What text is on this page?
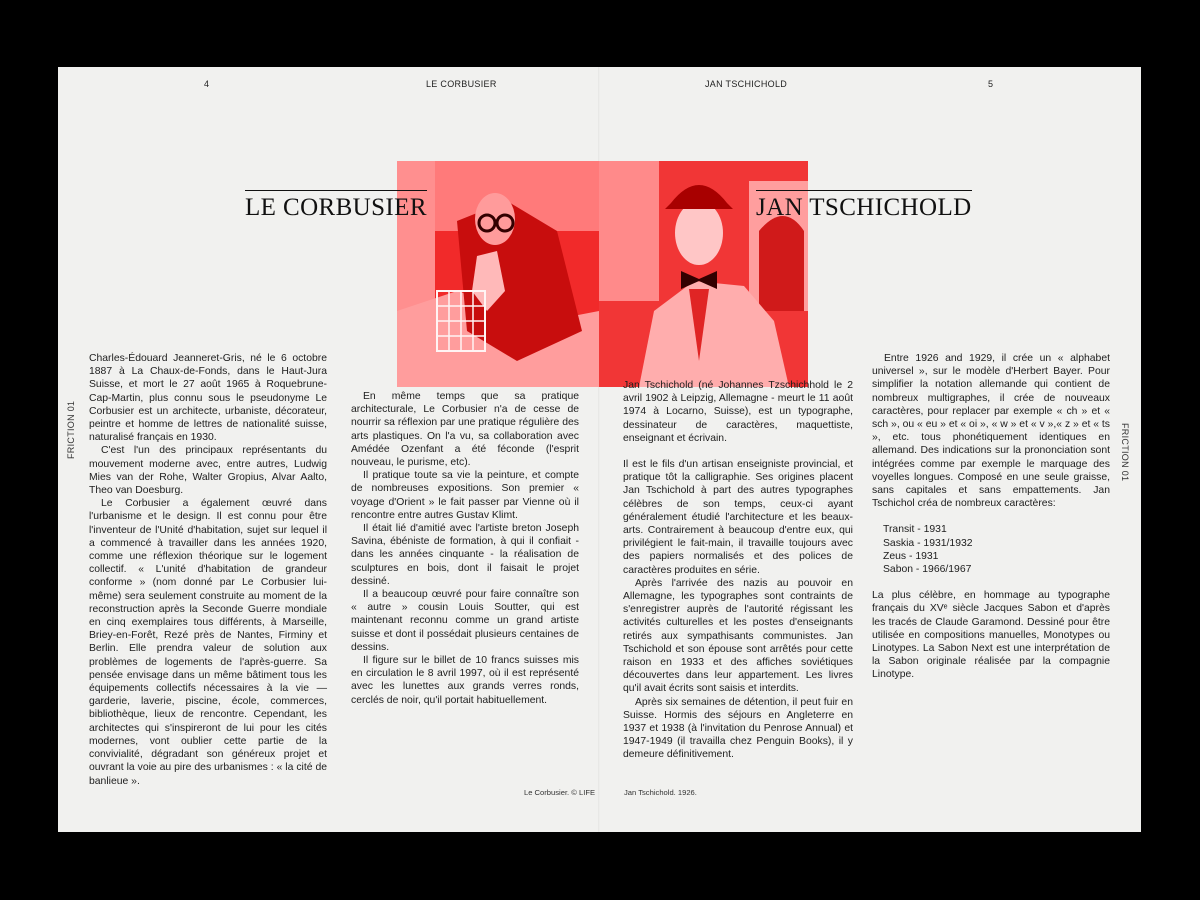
4	LE CORBUSIER	JAN TSCHICHOLD	5
FRICTION 01	FRICTION 01
LE CORBUSIER	JAN TSCHICHOLD

Charles-Édouard Jeanneret-Gris, né le 6 octobre 1887 à La Chaux-de-Fonds, dans le Haut-Jura Suisse, et mort le 27 août 1965 à Roquebrune-Cap-Martin, plus connu sous le pseudonyme Le Corbusier est un architecte, urbaniste, décorateur, peintre et homme de lettres de nationalité suisse, naturalisé français en 1930.

C'est l'un des principaux représentants du mouvement moderne avec, entre autres, Ludwig Mies van der Rohe, Walter Gropius, Alvar Aalto, Theo van Doesburg.

Le Corbusier a également œuvré dans l'urbanisme et le design. Il est connu pour être l'inventeur de l'Unité d'habitation, sujet sur lequel il a commencé à travailler dans les années 1920, comme une réflexion théorique sur le logement collectif. « L'unité d'habitation de grandeur conforme » (nom donné par Le Corbusier lui-même) sera seulement construite au moment de la reconstruction après la Seconde Guerre mondiale en cinq exemplaires tous différents, à Marseille, Briey-en-Forêt, Rezé près de Nantes, Firminy et Berlin. Elle prendra valeur de solution aux problèmes de logements de l'après-guerre. Sa pensée envisage dans un même bâtiment tous les équipements collectifs nécessaires à la vie — garderie, laverie, piscine, école, commerces, bibliothèque, lieux de rencontre. Cependant, les architectes qui s'inspireront de lui pour les cités modernes, vont oublier cette partie de la convivialité, dégradant son généreux projet et ouvrant la voie au pire des urbanismes : « la cité de banlieue ».

En même temps que sa pratique architecturale, Le Corbusier n'a de cesse de nourrir sa réflexion par une pratique régulière des arts plastiques. On l'a vu, sa collaboration avec Amédée Ozenfant a été féconde (l'esprit nouveau, le purisme, etc).

Il pratique toute sa vie la peinture, et compte de nombreuses expositions. Son premier « voyage d'Orient » le fait passer par Vienne où il rencontre entre autres Gustav Klimt.

Il était lié d'amitié avec l'artiste breton Joseph Savina, ébéniste de formation, à qui il confiait - dans les années cinquante - la réalisation de sculptures en bois, dont il faisait le projet dessiné.

Il a beaucoup œuvré pour faire connaître son « autre » cousin Louis Soutter, qui est maintenant reconnu comme un grand artiste suisse et dont il possédait plusieurs centaines de dessins.

Il figure sur le billet de 10 francs suisses mis en circulation le 8 avril 1997, où il est représenté avec les lunettes aux grands verres ronds, cerclés de noir, qu'il portait habituellement.

Jan Tschichold (né Johannes Tzschichhold le 2 avril 1902 à Leipzig, Allemagne - meurt le 11 août 1974 à Locarno, Suisse), est un typographe, dessinateur de caractères, maquettiste, enseignant et écrivain.

Il est le fils d'un artisan enseigniste provincial, et pratique tôt la calligraphie. Ses origines placent Jan Tschichold à part des autres typographes célèbres de son temps, ceux-ci ayant généralement étudié l'architecture et les beaux-arts. Contrairement à beaucoup d'entre eux, qui privilégient le fait-main, il travaille toujours avec des papiers normalisés et des polices de caractères produites en série.

Après l'arrivée des nazis au pouvoir en Allemagne, les typographes sont contraints de s'enregistrer auprès de l'autorité régissant les activités culturelles et les postes d'enseignants retirés aux sympathisants communistes. Jan Tschichold et son épouse sont arrêtés pour cette raison en 1933 et des affiches soviétiques découvertes dans leur appartement. Les livres qu'il avait écrits sont saisis et interdits.

Après six semaines de détention, il peut fuir en Suisse. Hormis des séjours en Angleterre en 1937 et 1938 (à l'invitation du Penrose Annual) et 1947-1949 (il travailla chez Penguin Books), il y demeure définitivement.

Entre 1926 and 1929, il crée un « alphabet universel », sur le modèle d'Herbert Bayer. Pour simplifier la notation allemande qui contient de nombreux multigraphes, il crée de nouveaux caractères, pour replacer par exemple « ch » et « sch », ou « eu » et « oi », « w » et « v »,« z » et « ts », etc. tous phonétiquement identiques en allemand. Des indications sur la prononciation sont intégrées comme par exemple le marquage des voyelles longues. Composé en une seule graisse, sans capitales et sans empattements. Jan Tschichol créa de nombreux caractères:

Transit - 1931
Saskia - 1931/1932
Zeus - 1931
Sabon - 1966/1967

La plus célèbre, en hommage au typographe français du XVᵉ siècle Jacques Sabon et d'après les tracés de Claude Garamond. Dessiné pour être utilisée en compositions manuelles, Monotypes ou Linotypes. La Sabon Next est une interprétation de la Sabon originale réalisée par la compagnie Linotype.

Le Corbusier. © LIFE	Jan Tschichold. 1926.
